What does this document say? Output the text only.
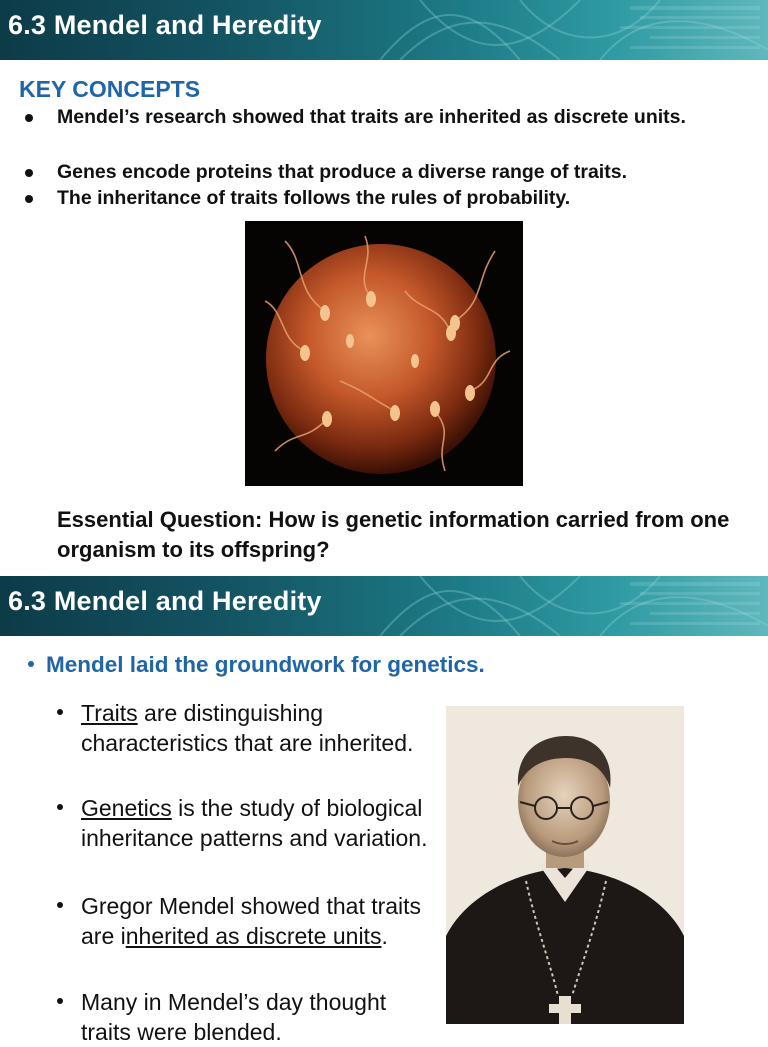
6.3 Mendel and Heredity
KEY CONCEPTS
Mendel’s research showed that traits are inherited as discrete units.
Genes encode proteins that produce a diverse range of traits.
The inheritance of traits follows the rules of probability.
Essential Question: How is genetic information carried from one organism to its offspring?
6.3 Mendel and Heredity
Mendel laid the groundwork for genetics.
Traits are distinguishing characteristics that are inherited.
Genetics is the study of biological inheritance patterns and variation.
Gregor Mendel showed that traits are inherited as discrete units.
Many in Mendel’s day thought traits were blended.
